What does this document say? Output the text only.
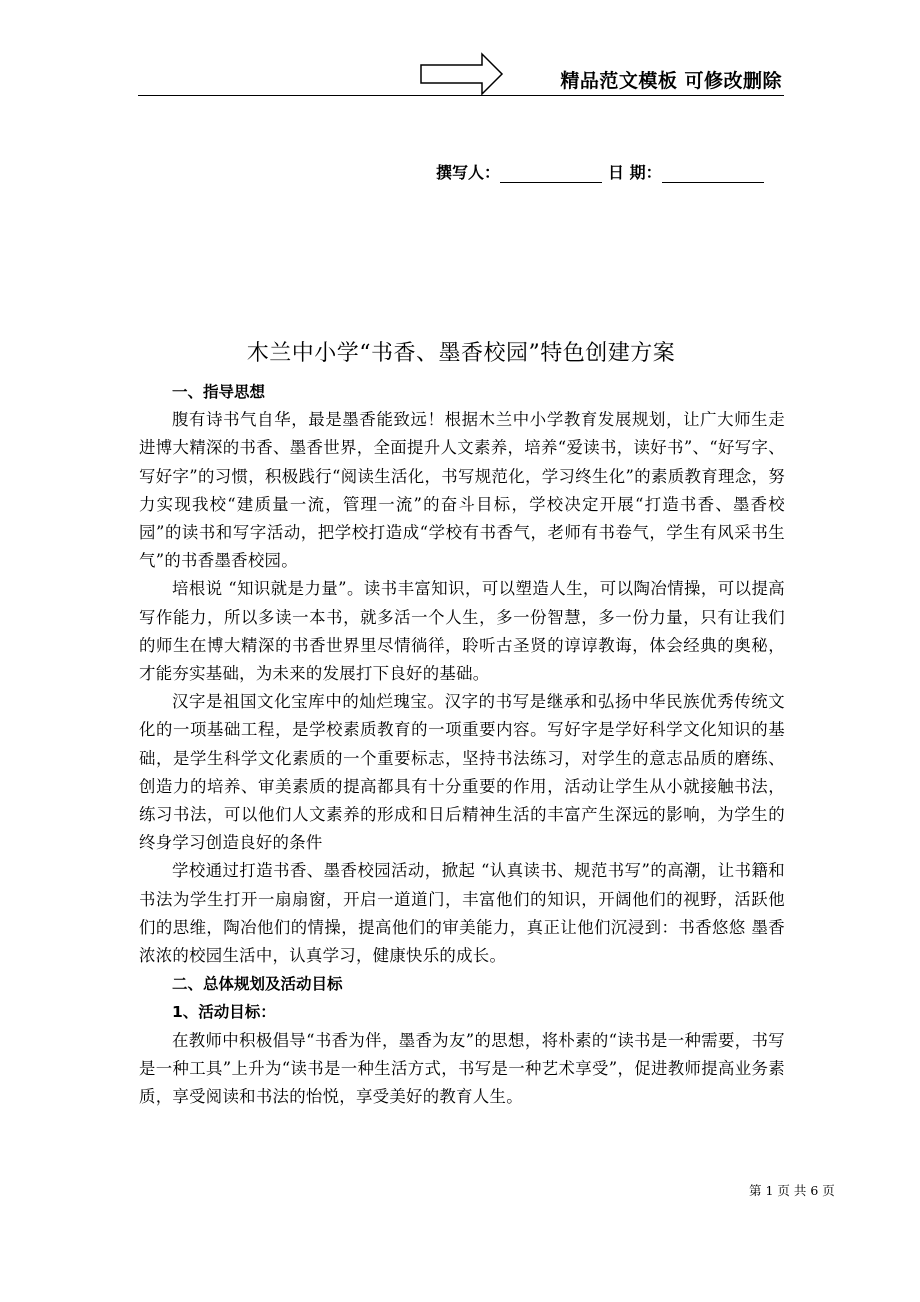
精品范文模板 可修改删除
撰写人：	日 期：
木兰中小学“书香、墨香校园”特色创建方案
一、指导思想

腹有诗书气自华，最是墨香能致远！根据木兰中小学教育发展规划，让广大师生走进博大精深的书香、墨香世界，全面提升人文素养，培养“爱读书，读好书”、“好写字、写好字”的习惯，积极践行“阅读生活化，书写规范化，学习终生化”的素质教育理念，努力实现我校“建质量一流，管理一流”的奋斗目标，学校决定开展“打造书香、墨香校园”的读书和写字活动，把学校打造成“学校有书香气，老师有书卷气，学生有风采书生气”的书香墨香校园。

培根说 “知识就是力量”。读书丰富知识，可以塑造人生，可以陶冶情操，可以提高写作能力，所以多读一本书，就多活一个人生，多一份智慧，多一份力量，只有让我们的师生在博大精深的书香世界里尽情徜徉，聆听古圣贤的谆谆教诲，体会经典的奥秘，才能夯实基础，为未来的发展打下良好的基础。

汉字是祖国文化宝库中的灿烂瑰宝。汉字的书写是继承和弘扬中华民族优秀传统文化的一项基础工程，是学校素质教育的一项重要内容。写好字是学好科学文化知识的基础，是学生科学文化素质的一个重要标志，坚持书法练习，对学生的意志品质的磨练、创造力的培养、审美素质的提高都具有十分重要的作用，活动让学生从小就接触书法，练习书法，可以他们人文素养的形成和日后精神生活的丰富产生深远的影响，为学生的终身学习创造良好的条件

学校通过打造书香、墨香校园活动，掀起 “认真读书、规范书写”的高潮，让书籍和书法为学生打开一扇扇窗，开启一道道门，丰富他们的知识，开阔他们的视野，活跃他们的思维，陶冶他们的情操，提高他们的审美能力，真正让他们沉浸到：书香悠悠 墨香浓浓的校园生活中，认真学习，健康快乐的成长。

二、总体规划及活动目标
1、活动目标：

在教师中积极倡导“书香为伴，墨香为友”的思想，将朴素的“读书是一种需要，书写是一种工具”上升为“读书是一种生活方式，书写是一种艺术享受”，促进教师提高业务素质，享受阅读和书法的怡悦，享受美好的教育人生。

第 1 页 共 6 页
